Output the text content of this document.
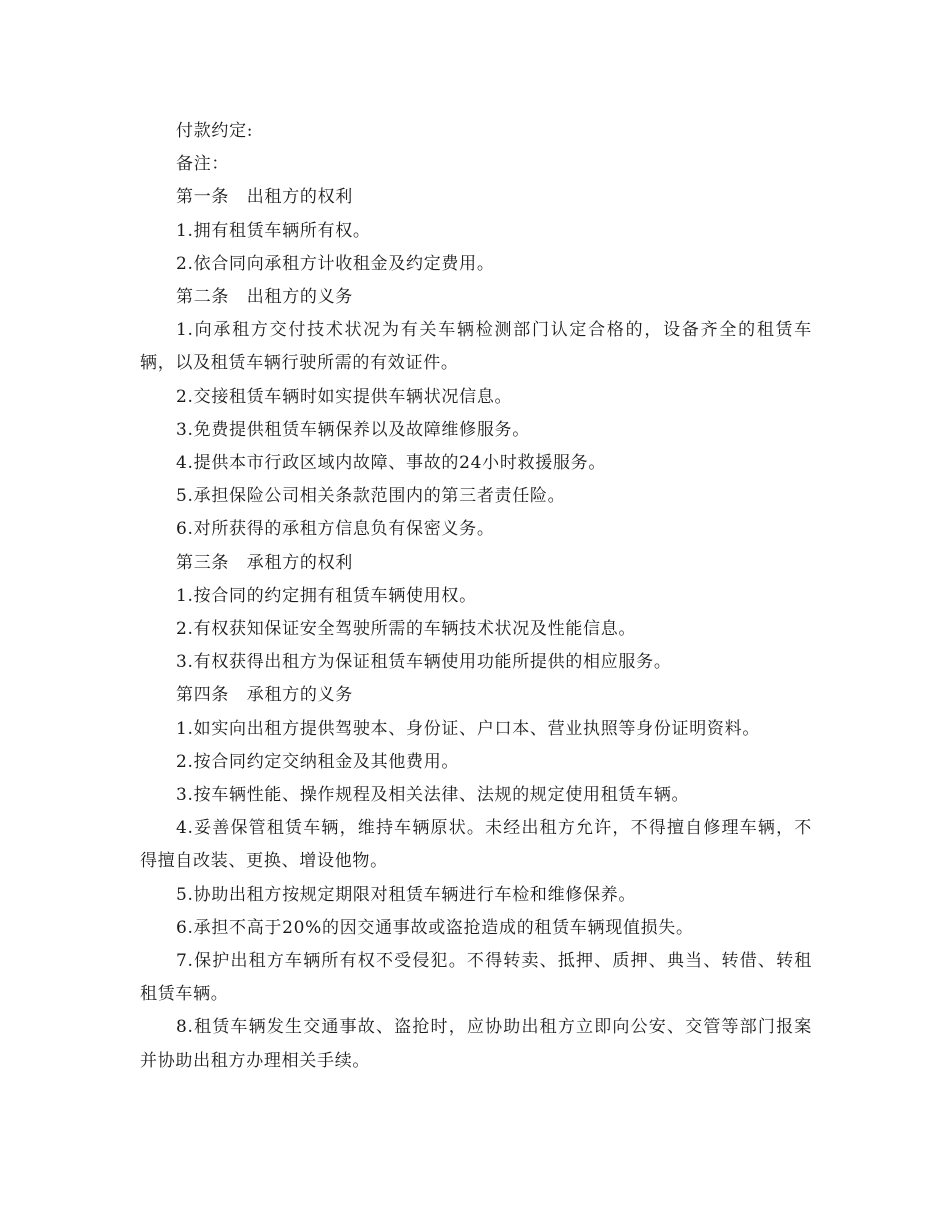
付款约定:

备注：

第一条　出租方的权利

1.拥有租赁车辆所有权。

2.依合同向承租方计收租金及约定费用。

第二条　出租方的义务

1.向承租方交付技术状况为有关车辆检测部门认定合格的，设备齐全的租赁车辆，以及租赁车辆行驶所需的有效证件。

2.交接租赁车辆时如实提供车辆状况信息。

3.免费提供租赁车辆保养以及故障维修服务。

4.提供本市行政区域内故障、事故的24小时救援服务。

5.承担保险公司相关条款范围内的第三者责任险。

6.对所获得的承租方信息负有保密义务。

第三条　承租方的权利

1.按合同的约定拥有租赁车辆使用权。

2.有权获知保证安全驾驶所需的车辆技术状况及性能信息。

3.有权获得出租方为保证租赁车辆使用功能所提供的相应服务。

第四条　承租方的义务

1.如实向出租方提供驾驶本、身份证、户口本、营业执照等身份证明资料。

2.按合同约定交纳租金及其他费用。

3.按车辆性能、操作规程及相关法律、法规的规定使用租赁车辆。

4.妥善保管租赁车辆，维持车辆原状。未经出租方允许，不得擅自修理车辆，不得擅自改装、更换、增设他物。

5.协助出租方按规定期限对租赁车辆进行车检和维修保养。

6.承担不高于20%的因交通事故或盗抢造成的租赁车辆现值损失。

7.保护出租方车辆所有权不受侵犯。不得转卖、抵押、质押、典当、转借、转租租赁车辆。

8.租赁车辆发生交通事故、盗抢时，应协助出租方立即向公安、交管等部门报案并协助出租方办理相关手续。
